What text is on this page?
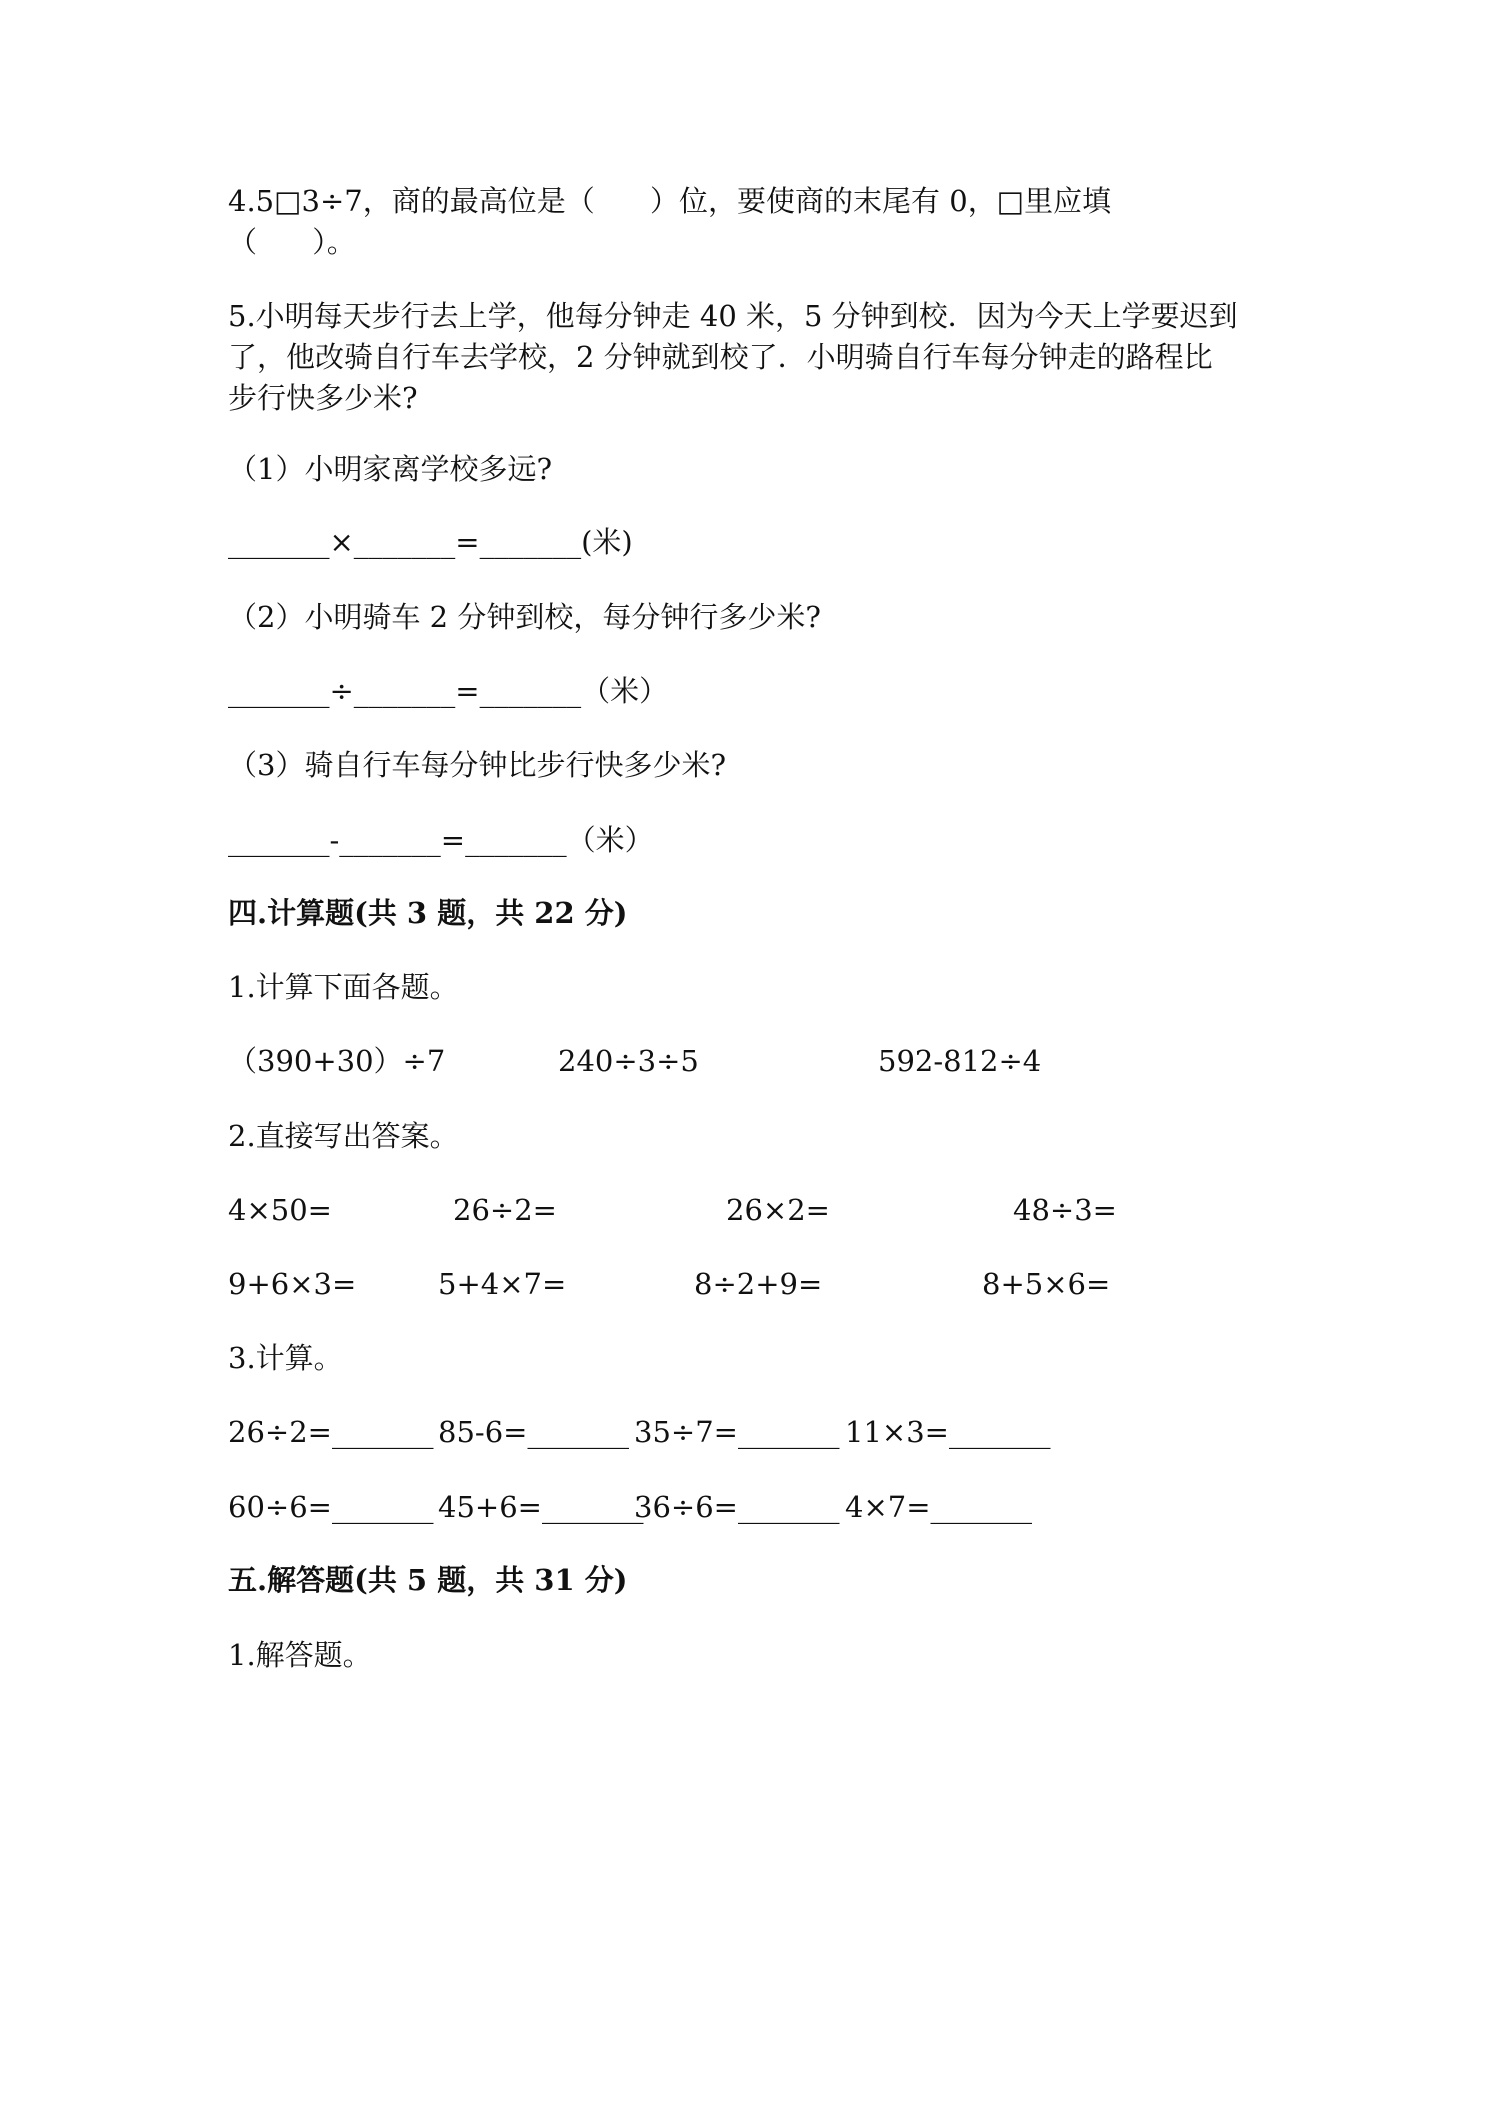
4.5□3÷7，商的最高位是（      ）位，要使商的末尾有 0，□里应填
（      ）。
5.小明每天步行去上学，他每分钟走 40 米，5 分钟到校．因为今天上学要迟到
了，他改骑自行车去学校，2 分钟就到校了．小明骑自行车每分钟走的路程比
步行快多少米?
（1）小明家离学校多远?
_______×_______=_______(米)
（2）小明骑车 2 分钟到校，每分钟行多少米?
_______÷_______=_______（米）
（3）骑自行车每分钟比步行快多少米?
_______-_______=_______（米）
四.计算题(共 3 题，共 22 分)
1.计算下面各题。
（390+30）÷7	240÷3÷5	592-812÷4
2.直接写出答案。
4×50=	26÷2=	26×2=	48÷3=
9+6×3=	5+4×7=	8÷2+9=	8+5×6=
3.计算。
26÷2=_______ 85-6=_______ 35÷7=_______ 11×3=_______
60÷6=_______ 45+6=_______
36÷6=_______ 4×7=_______
五.解答题(共 5 题，共 31 分)
1.解答题。
